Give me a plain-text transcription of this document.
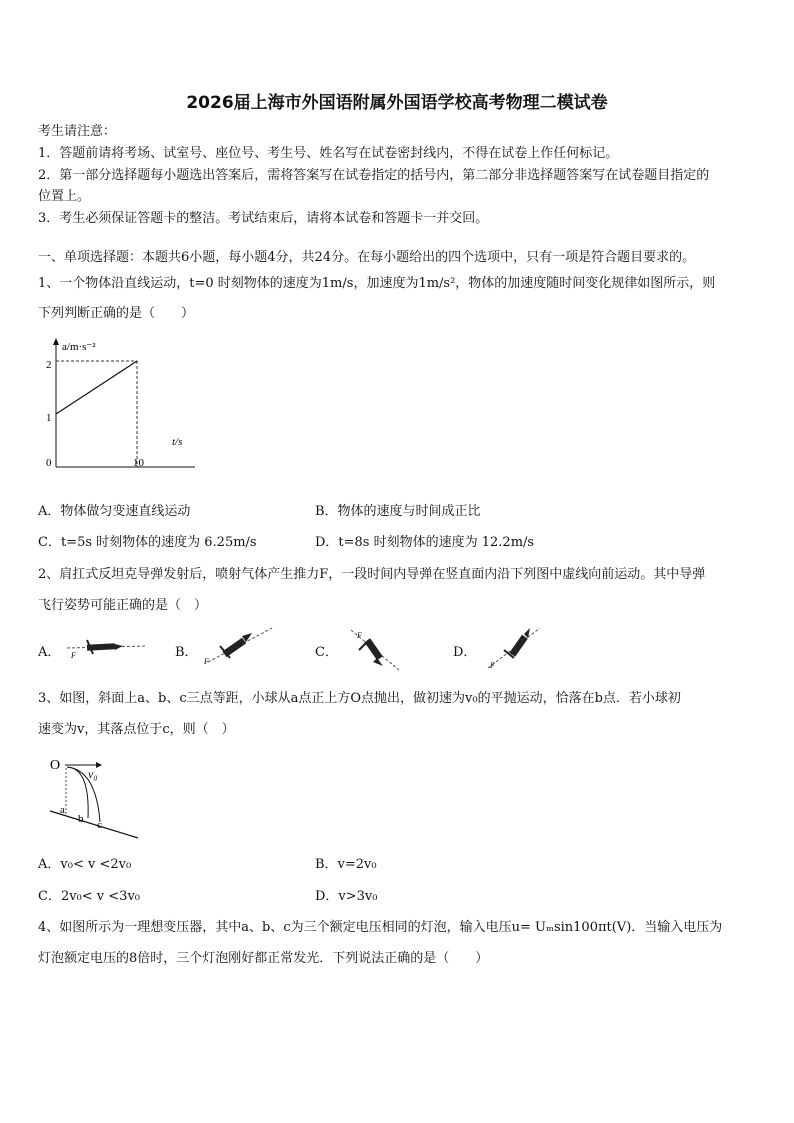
2026届上海市外国语附属外国语学校高考物理二模试卷
考生请注意：
1．答题前请将考场、试室号、座位号、考生号、姓名写在试卷密封线内，不得在试卷上作任何标记。
2．第一部分选择题每小题选出答案后，需将答案写在试卷指定的括号内，第二部分非选择题答案写在试卷题目指定的
位置上。
3．考生必须保证答题卡的整洁。考试结束后，请将本试卷和答题卡一并交回。
一、单项选择题：本题共6小题，每小题4分，共24分。在每小题给出的四个选项中，只有一项是符合题目要求的。
1、一个物体沿直线运动，t=0 时刻物体的速度为1m/s，加速度为1m/s²，物体的加速度随时间变化规律如图所示，则
下列判断正确的是（　　）
a/m·s⁻²
t/s
2
1
0	10
A．物体做匀变速直线运动	B．物体的速度与时间成正比
C．t=5s 时刻物体的速度为 6.25m/s	D．t=8s 时刻物体的速度为 12.2m/s
2、肩扛式反坦克导弹发射后，喷射气体产生推力F，一段时间内导弹在竖直面内沿下列图中虚线向前运动。其中导弹
飞行姿势可能正确的是（　）
A． F	B．
F
C．
F
D．
F
3、如图，斜面上a、b、c三点等距，小球从a点正上方O点抛出，做初速为v₀的平抛运动，恰落在b点．若小球初
速变为v，其落点位于c，则（　）
O
v₀
a
b c
A．v₀< v <2v₀	B．v=2v₀
C．2v₀< v <3v₀	D．v>3v₀
4、如图所示为一理想变压器，其中a、b、c为三个额定电压相同的灯泡，输入电压u= Uₘsin100πt(V)．当输入电压为
灯泡额定电压的8倍时，三个灯泡刚好都正常发光．下列说法正确的是（　　）
